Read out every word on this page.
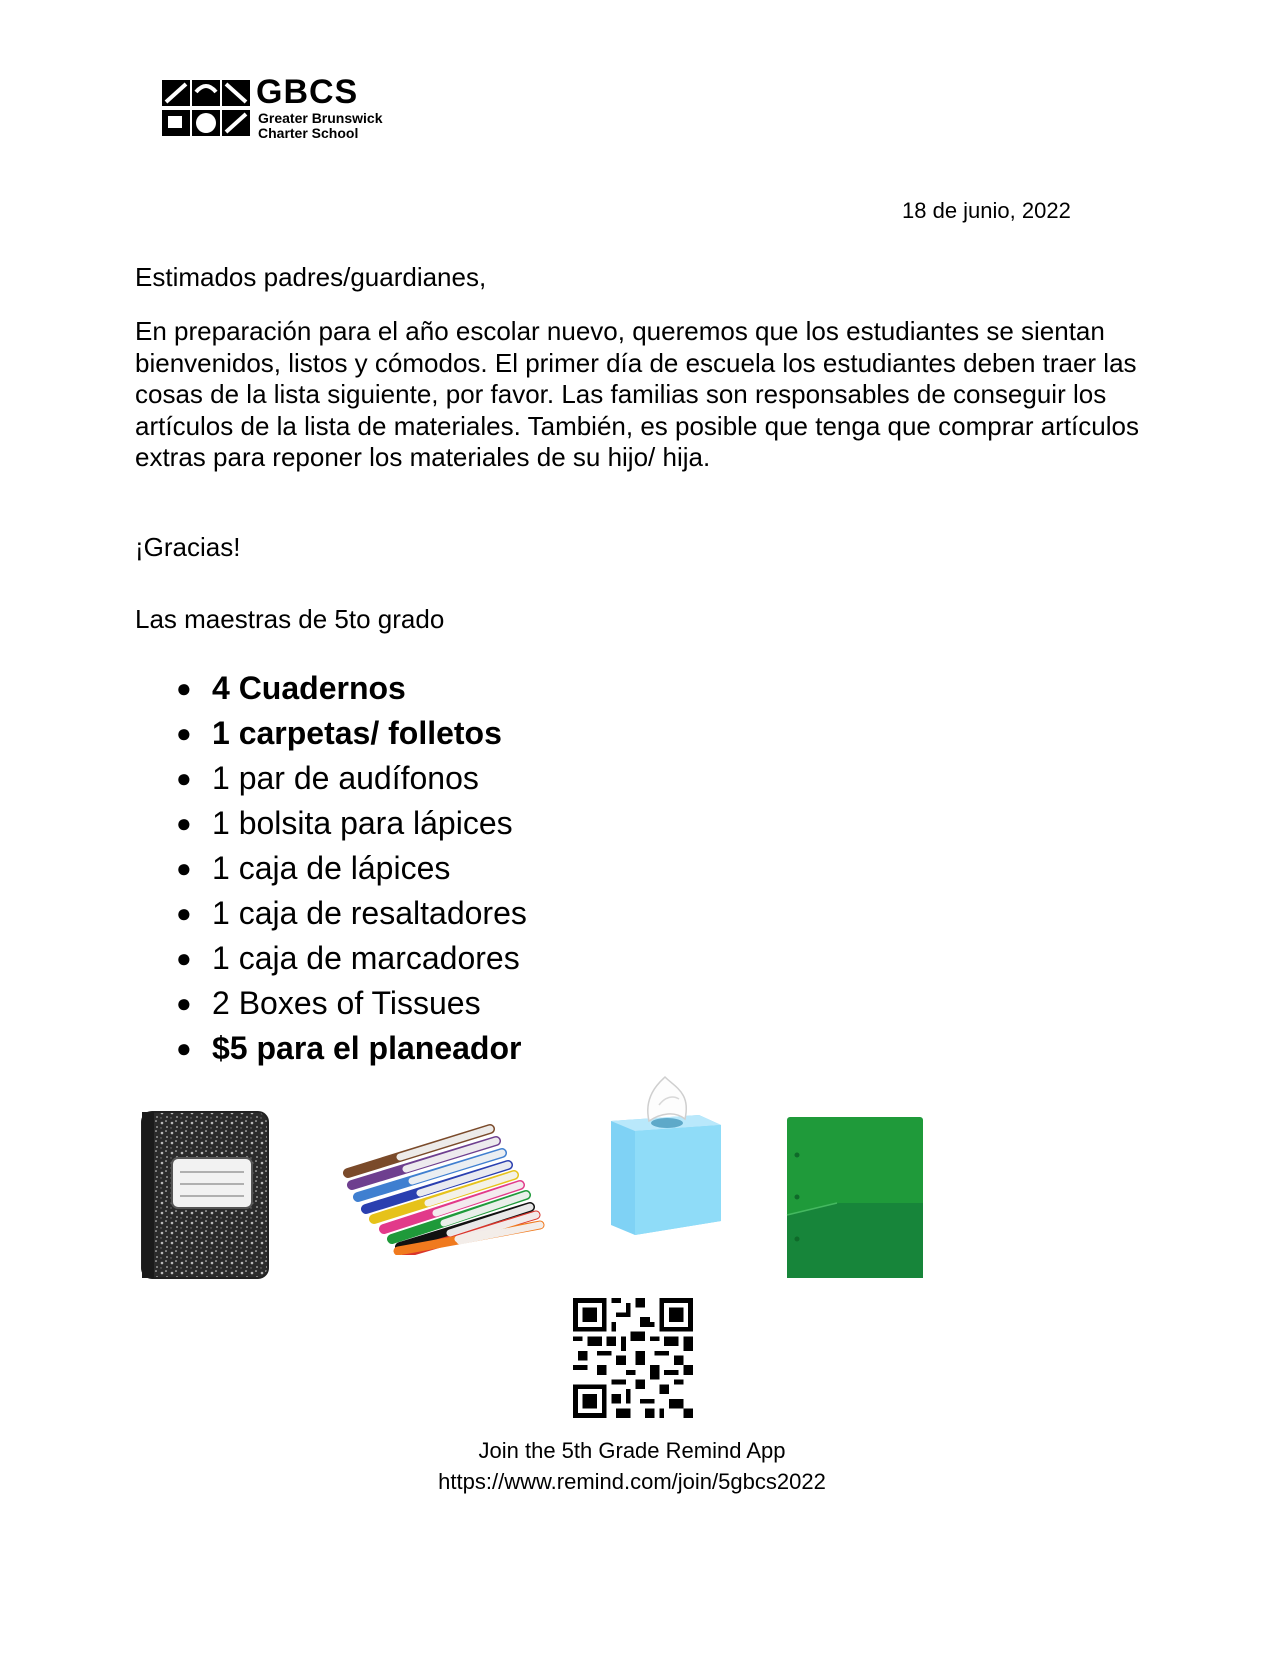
GBCS
Greater Brunswick
Charter School
18 de junio, 2022
Estimados padres/guardianes,
En preparación para el año escolar nuevo, queremos que los estudiantes se sientan bienvenidos, listos y cómodos. El primer día de escuela los estudiantes deben traer las cosas de la lista siguiente, por favor. Las familias son responsables de conseguir los artículos de la lista de materiales. También, es posible que tenga que comprar artículos extras para reponer los materiales de su hijo/ hija.
¡Gracias!
Las maestras de 5to grado
● 4 Cuadernos
● 1 carpetas/ folletos
● 1 par de audífonos
● 1 bolsita para lápices
● 1 caja de lápices
● 1 caja de resaltadores
● 1 caja de marcadores
● 2 Boxes of Tissues
● $5 para el planeador
Join the 5th Grade Remind App
https://www.remind.com/join/5gbcs2022
